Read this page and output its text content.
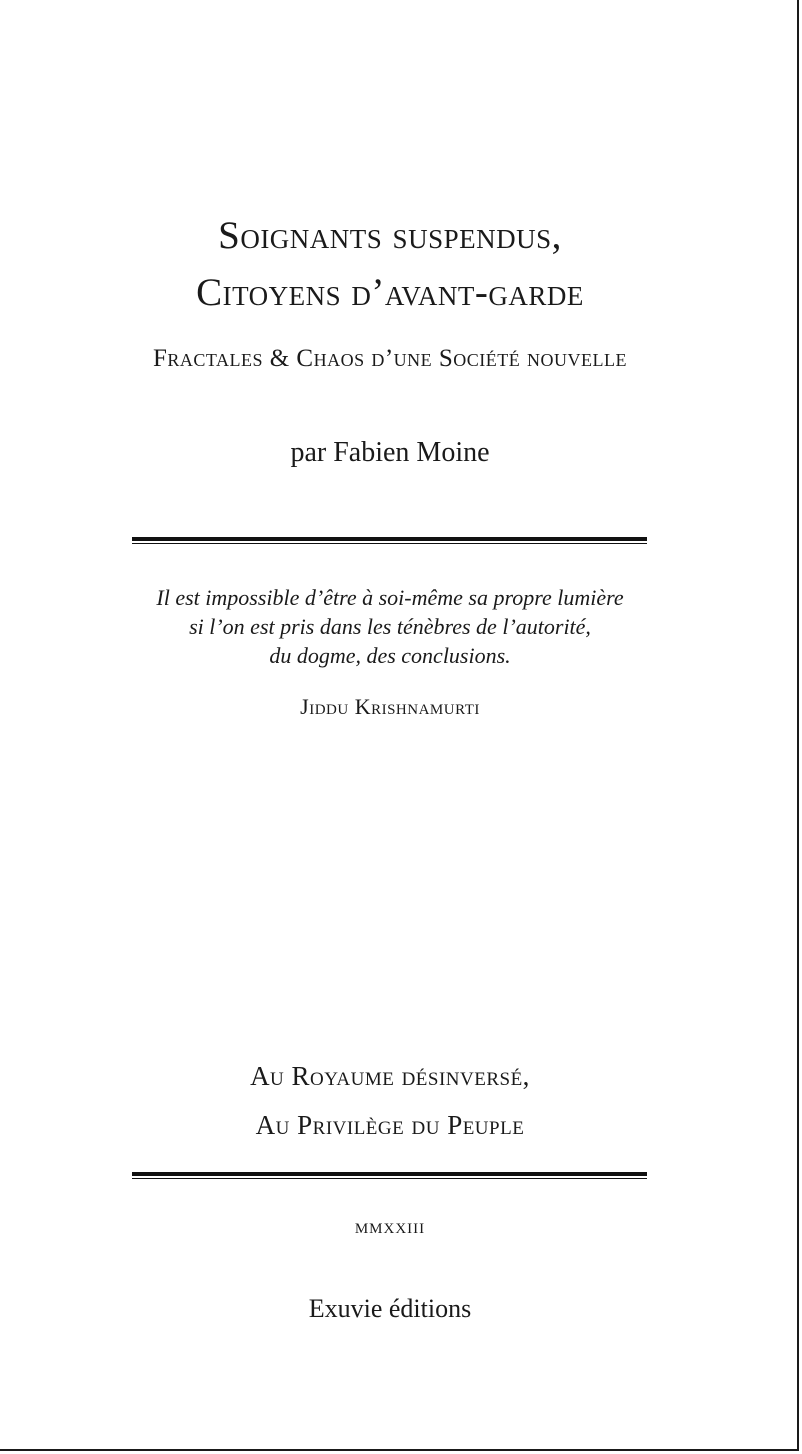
Soignants suspendus,
Citoyens d’avant-garde
Fractales & Chaos d’une Société nouvelle
par Fabien Moine
Il est impossible d’être à soi-même sa propre lumière
si l’on est pris dans les ténèbres de l’autorité,
du dogme, des conclusions.
Jiddu Krishnamurti
Au Royaume désinversé,
Au Privilège du Peuple
mmxxiii
Exuvie éditions
